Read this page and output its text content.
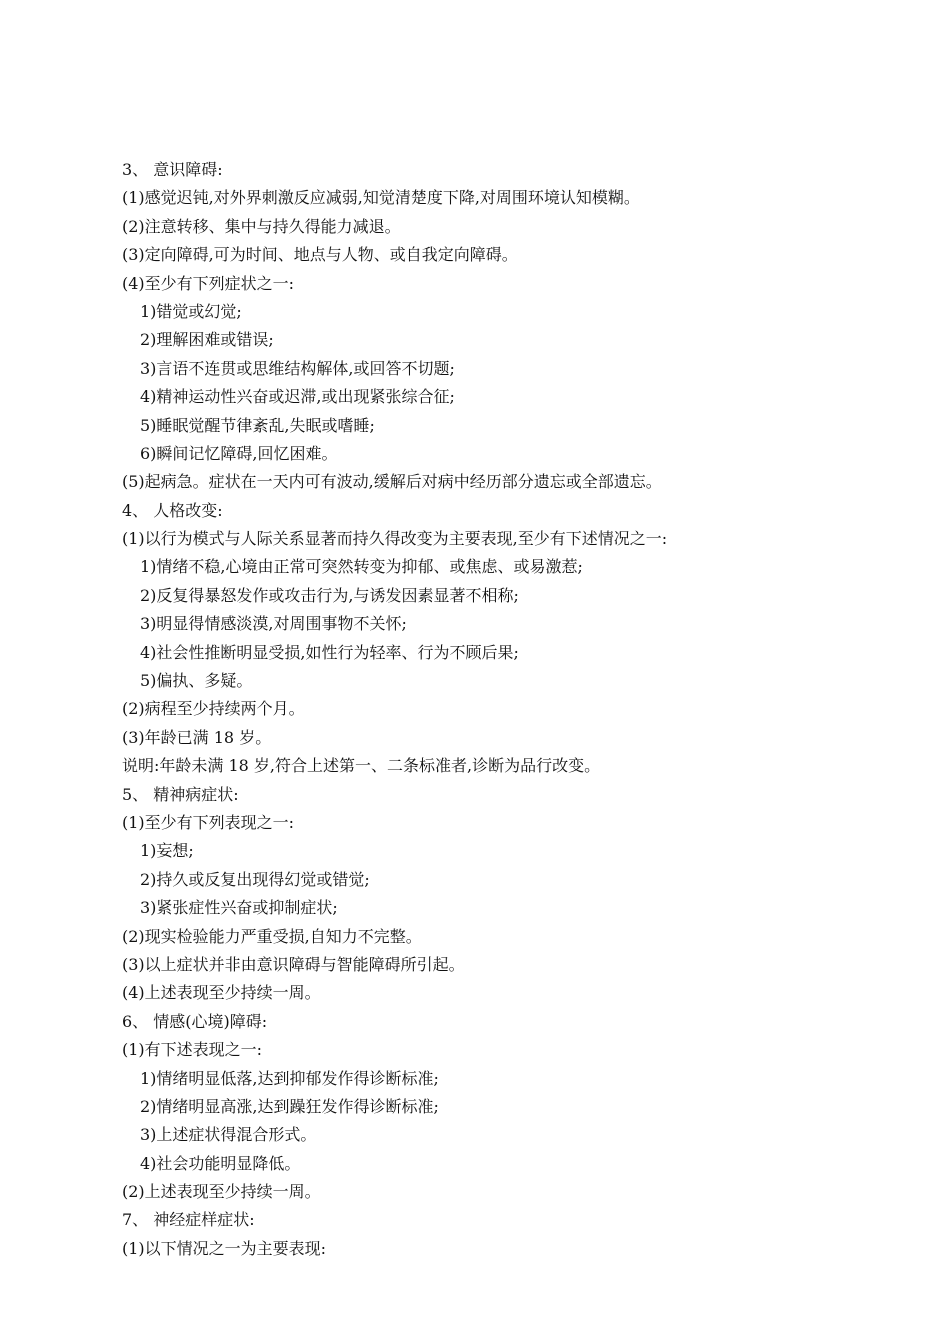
3、 意识障碍:
(1)感觉迟钝,对外界刺激反应减弱,知觉清楚度下降,对周围环境认知模糊。
(2)注意转移、集中与持久得能力减退。
(3)定向障碍,可为时间、地点与人物、或自我定向障碍。
(4)至少有下列症状之一:
1)错觉或幻觉;
2)理解困难或错误;
3)言语不连贯或思维结构解体,或回答不切题;
4)精神运动性兴奋或迟滞,或出现紧张综合征;
5)睡眠觉醒节律紊乱,失眠或嗜睡;
6)瞬间记忆障碍,回忆困难。
(5)起病急。症状在一天内可有波动,缓解后对病中经历部分遗忘或全部遗忘。
4、 人格改变:
(1)以行为模式与人际关系显著而持久得改变为主要表现,至少有下述情况之一:
1)情绪不稳,心境由正常可突然转变为抑郁、或焦虑、或易激惹;
2)反复得暴怒发作或攻击行为,与诱发因素显著不相称;
3)明显得情感淡漠,对周围事物不关怀;
4)社会性推断明显受损,如性行为轻率、行为不顾后果;
5)偏执、多疑。
(2)病程至少持续两个月。
(3)年龄已满 18 岁。
说明:年龄未满 18 岁,符合上述第一、二条标准者,诊断为品行改变。
5、 精神病症状:
(1)至少有下列表现之一:
1)妄想;
2)持久或反复出现得幻觉或错觉;
3)紧张症性兴奋或抑制症状;
(2)现实检验能力严重受损,自知力不完整。
(3)以上症状并非由意识障碍与智能障碍所引起。
(4)上述表现至少持续一周。
6、 情感(心境)障碍:
(1)有下述表现之一:
1)情绪明显低落,达到抑郁发作得诊断标准;
2)情绪明显高涨,达到躁狂发作得诊断标准;
3)上述症状得混合形式。
4)社会功能明显降低。
(2)上述表现至少持续一周。
7、 神经症样症状:
(1)以下情况之一为主要表现:
